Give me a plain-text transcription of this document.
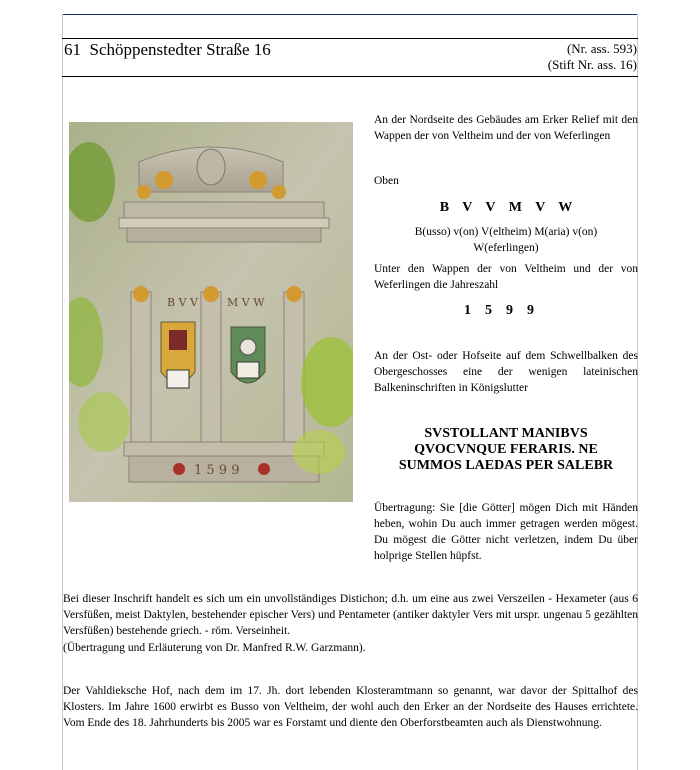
61 Schöppenstedter Straße 16	(Nr. ass. 593)
(Stift Nr. ass. 16)
B V V	M V W
1 5 9 9
An der Nordseite des Gebäudes am Erker Relief mit den Wappen der von Veltheim und der von Weferlingen
Oben
B V V M V W
B(usso) v(on) V(eltheim) M(aria) v(on)
W(eferlingen)
Unter den Wappen der von Veltheim und der von Weferlingen die Jahreszahl
1599
An der Ost- oder Hofseite auf dem Schwellbalken des Obergeschosses eine der wenigen lateinischen Balkeninschriften in Königslutter
SVSTOLLANT MANIBVS
QVOCVNQUE FERARIS. NE
SUMMOS LAEDAS PER SALEBR
Übertragung: Sie [die Götter] mögen Dich mit Händen heben, wohin Du auch immer getragen werden mögest. Du mögest die Götter nicht verletzen, indem Du über holprige Stellen hüpfst.
Bei dieser Inschrift handelt es sich um ein unvollständiges Distichon; d.h. um eine aus zwei Verszeilen - Hexameter (aus 6 Versfüßen, meist Daktylen, bestehender epischer Vers) und Pentameter (antiker daktyler Vers mit urspr. ungenau 5 gezählten Versfüßen) bestehende griech. - röm. Verseinheit.
(Übertragung und Erläuterung von Dr. Manfred R.W. Garzmann).
Der Vahldieksche Hof, nach dem im 17. Jh. dort lebenden Klosteramtmann so genannt, war davor der Spittalhof des Klosters. Im Jahre 1600 erwirbt es Busso von Veltheim, der wohl auch den Erker an der Nordseite des Hauses errichtete. Vom Ende des 18. Jahrhunderts bis 2005 war es Forstamt und diente den Oberforstbeamten auch als Dienstwohnung.
